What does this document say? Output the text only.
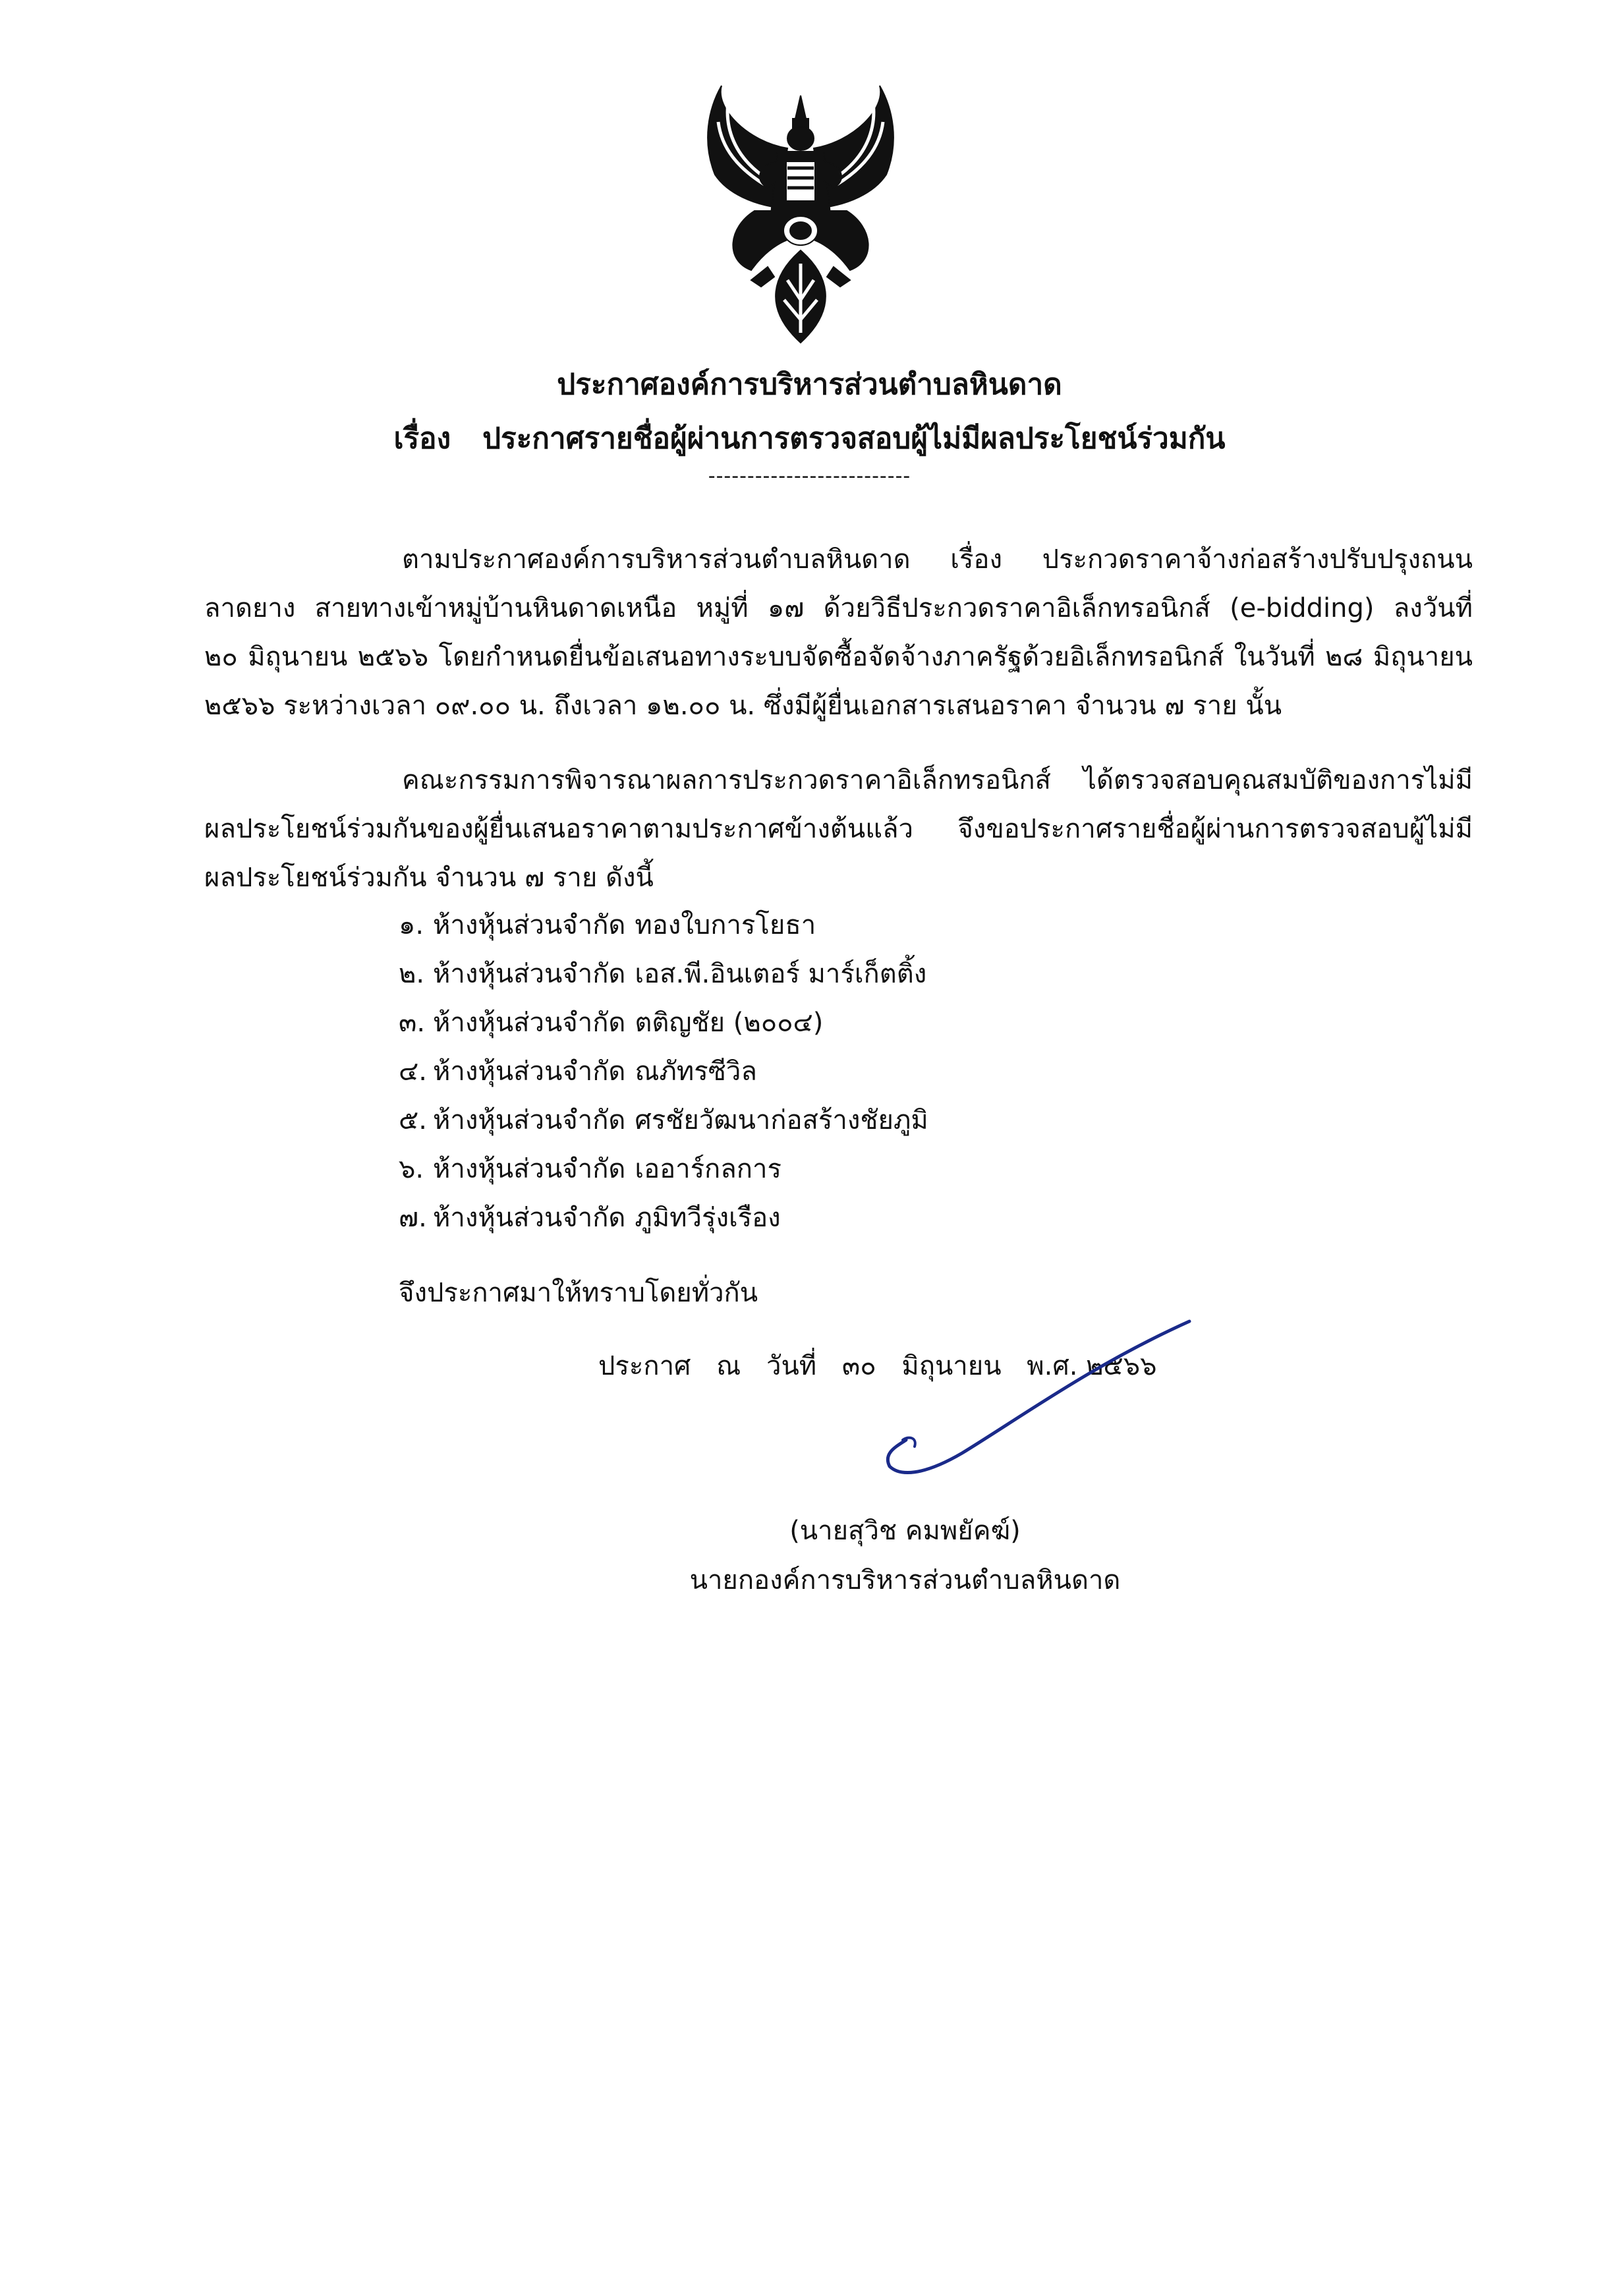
ประกาศองค์การบริหารส่วนตำบลหินดาด
เรื่อง ประกาศรายชื่อผู้ผ่านการตรวจสอบผู้ไม่มีผลประโยชน์ร่วมกัน
--------------------------
ตามประกาศองค์การบริหารส่วนตำบลหินดาด เรื่อง ประกวดราคาจ้างก่อสร้างปรับปรุงถนน
ลาดยาง สายทางเข้าหมู่บ้านหินดาดเหนือ หมู่ที่ ๑๗ ด้วยวิธีประกวดราคาอิเล็กทรอนิกส์ (e-bidding) ลงวันที่
๒๐ มิถุนายน ๒๕๖๖ โดยกำหนดยื่นข้อเสนอทางระบบจัดซื้อจัดจ้างภาครัฐด้วยอิเล็กทรอนิกส์ ในวันที่ ๒๘ มิถุนายน
๒๕๖๖ ระหว่างเวลา ๐๙.๐๐ น. ถึงเวลา ๑๒.๐๐ น. ซึ่งมีผู้ยื่นเอกสารเสนอราคา จำนวน ๗ ราย นั้น
คณะกรรมการพิจารณาผลการประกวดราคาอิเล็กทรอนิกส์ ได้ตรวจสอบคุณสมบัติของการไม่มี
ผลประโยชน์ร่วมกันของผู้ยื่นเสนอราคาตามประกาศข้างต้นแล้ว จึงขอประกาศรายชื่อผู้ผ่านการตรวจสอบผู้ไม่มี
ผลประโยชน์ร่วมกัน จำนวน ๗ ราย ดังนี้
๑. ห้างหุ้นส่วนจำกัด ทองใบการโยธา
๒. ห้างหุ้นส่วนจำกัด เอส.พี.อินเตอร์ มาร์เก็ตติ้ง
๓. ห้างหุ้นส่วนจำกัด ตติญชัย (๒๐๐๔)
๔. ห้างหุ้นส่วนจำกัด ณภัทรซีวิล
๕. ห้างหุ้นส่วนจำกัด ศรชัยวัฒนาก่อสร้างชัยภูมิ
๖. ห้างหุ้นส่วนจำกัด เออาร์กลการ
๗. ห้างหุ้นส่วนจำกัด ภูมิทวีรุ่งเรือง
จึงประกาศมาให้ทราบโดยทั่วกัน
ประกาศ ณ วันที่ ๓๐ มิถุนายน พ.ศ. ๒๕๖๖
(นายสุวิช คมพยัคฆ์)
นายกองค์การบริหารส่วนตำบลหินดาด
